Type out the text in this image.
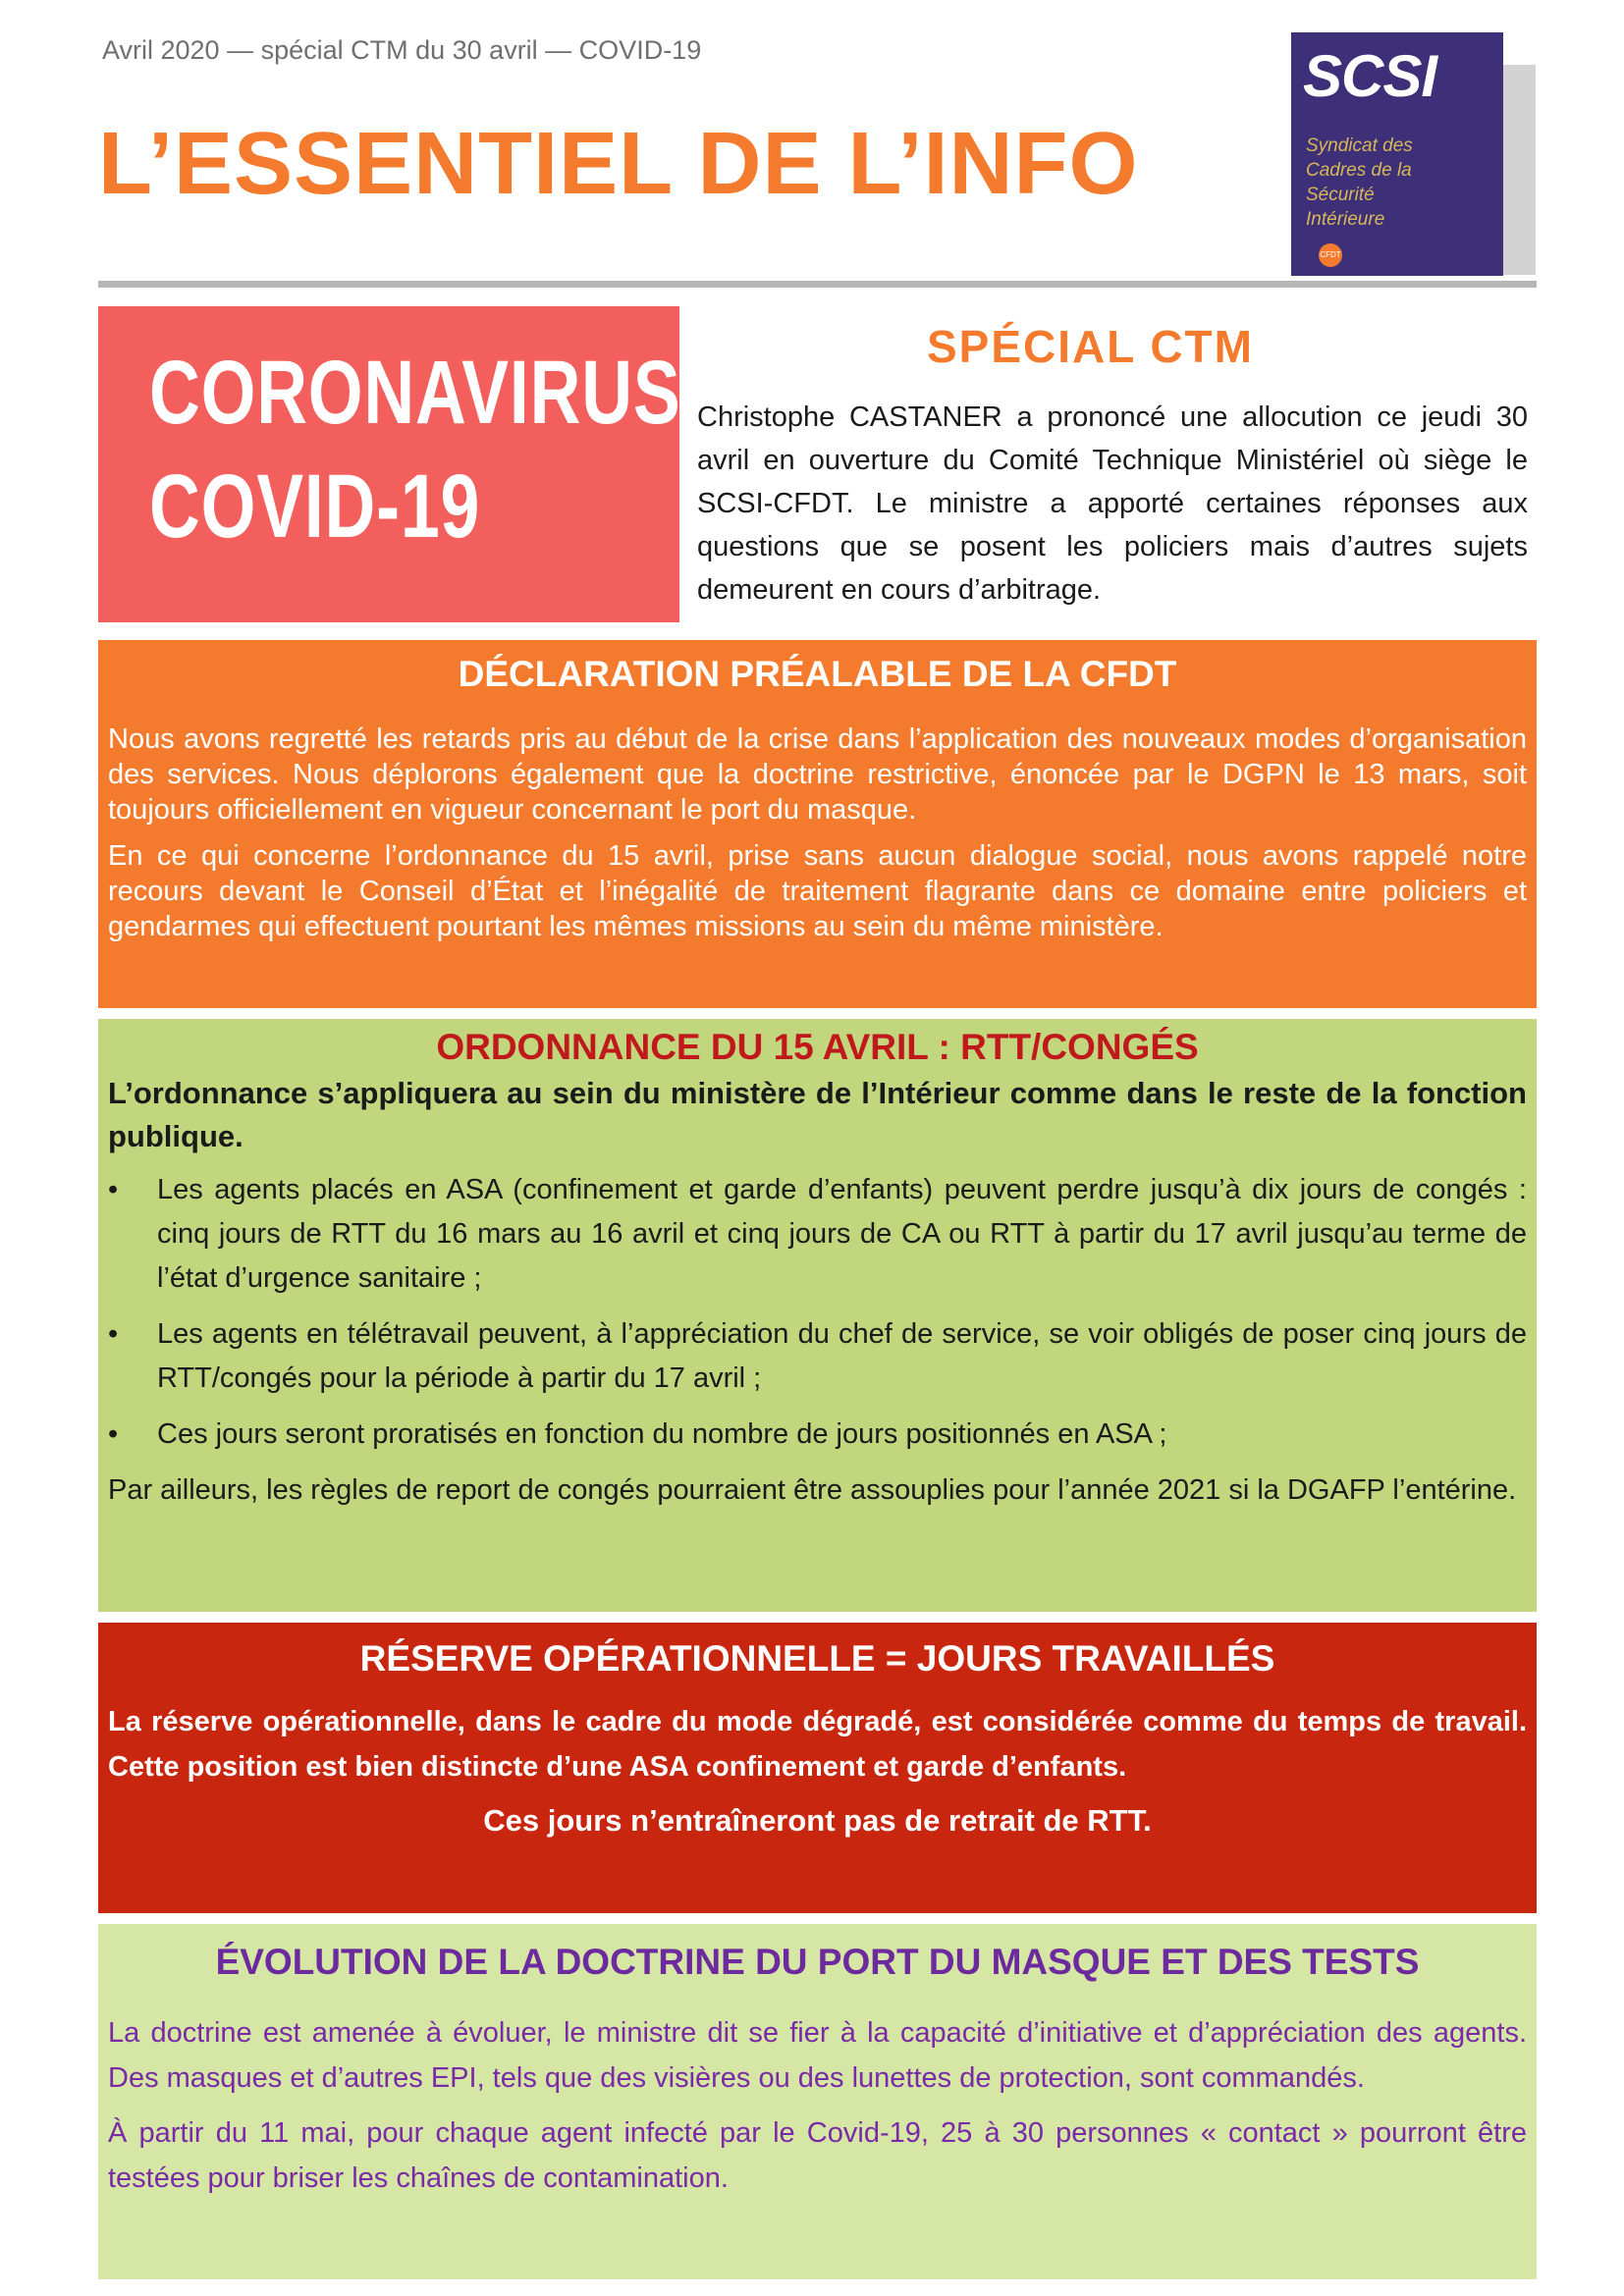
Avril 2020 — spécial CTM du 30 avril — COVID-19
L’ESSENTIEL DE L’INFO
SCSI
Syndicat des
Cadres de la
Sécurité
Intérieure
CFDT
CORONAVIRUS
COVID-19
SPÉCIAL CTM

Christophe CASTANER a prononcé une allocution ce jeudi 30 avril en ouverture du Comité Technique Ministériel où siège le SCSI-CFDT. Le ministre a apporté certaines réponses aux questions que se posent les policiers mais d’autres sujets demeurent en cours d’arbitrage.

DÉCLARATION PRÉALABLE DE LA CFDT

Nous avons regretté les retards pris au début de la crise dans l’application des nouveaux modes d’organisation des services. Nous déplorons également que la doctrine restrictive, énoncée par le DGPN le 13 mars, soit toujours officiellement en vigueur concernant le port du masque.

En ce qui concerne l’ordonnance du 15 avril, prise sans aucun dialogue social, nous avons rappelé notre recours devant le Conseil d’État et l’inégalité de traitement flagrante dans ce domaine entre policiers et gendarmes qui effectuent pourtant les mêmes missions au sein du même ministère.

ORDONNANCE DU 15 AVRIL : RTT/CONGÉS

L’ordonnance s’appliquera au sein du ministère de l’Intérieur comme dans le reste de la fonction publique.

• Les agents placés en ASA (confinement et garde d’enfants) peuvent perdre jusqu’à dix jours de congés : cinq jours de RTT du 16 mars au 16 avril et cinq jours de CA ou RTT à partir du 17 avril jusqu’au terme de l’état d’urgence sanitaire ;
• Les agents en télétravail peuvent, à l’appréciation du chef de service, se voir obligés de poser cinq jours de RTT/congés pour la période à partir du 17 avril ;
• Ces jours seront proratisés en fonction du nombre de jours positionnés en ASA ;

Par ailleurs, les règles de report de congés pourraient être assouplies pour l’année 2021 si la DGAFP l’entérine.

RÉSERVE OPÉRATIONNELLE = JOURS TRAVAILLÉS

La réserve opérationnelle, dans le cadre du mode dégradé, est considérée comme du temps de travail. Cette position est bien distincte d’une ASA confinement et garde d’enfants.

Ces jours n’entraîneront pas de retrait de RTT.

ÉVOLUTION DE LA DOCTRINE DU PORT DU MASQUE ET DES TESTS

La doctrine est amenée à évoluer, le ministre dit se fier à la capacité d’initiative et d’appréciation des agents. Des masques et d’autres EPI, tels que des visières ou des lunettes de protection, sont commandés.

À partir du 11 mai, pour chaque agent infecté par le Covid-19, 25 à 30 personnes « contact » pourront être testées pour briser les chaînes de contamination.
